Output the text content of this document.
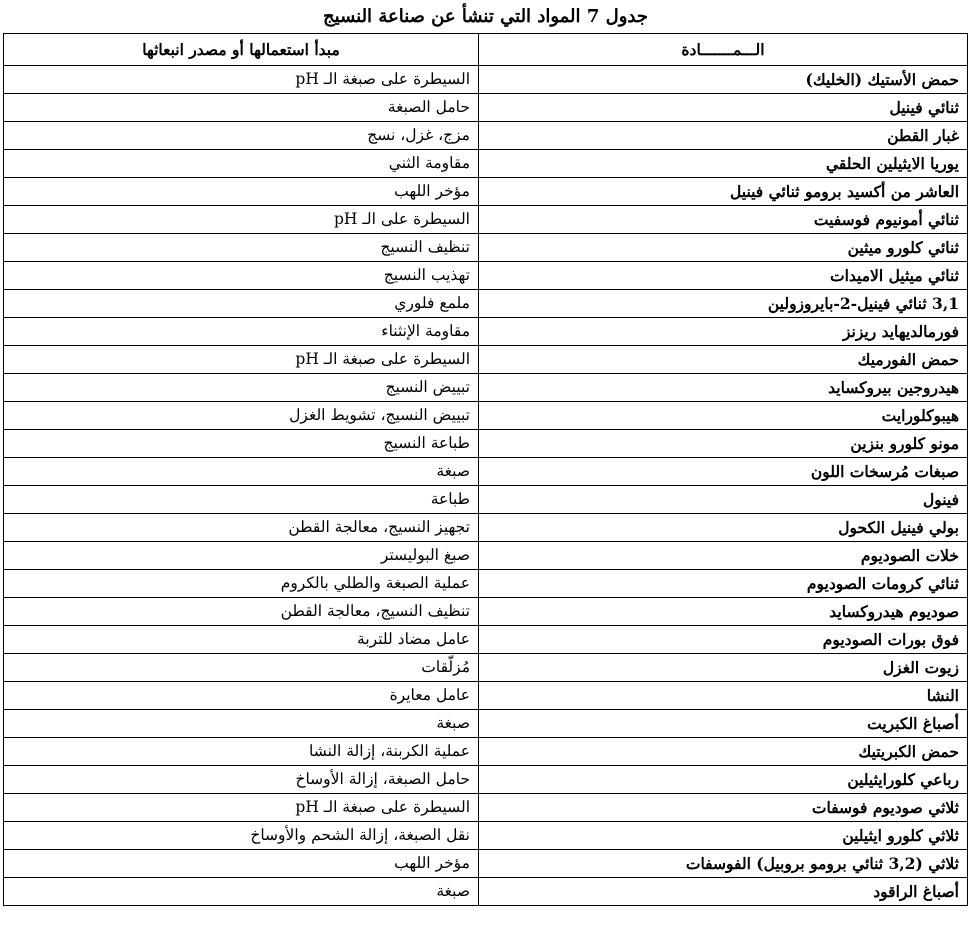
جدول 7 المواد التي تنشأ عن صناعة النسيج
الـــمـــــــادة	مبدأ استعمالها أو مصدر انبعاثها
حمض الأستيك (الخليك)	السيطرة على صبغة الـ pH
ثنائي فينيل	حامل الصبغة
غبار القطن	مزج، غزل، نسج
يوريا الايثيلين الحلقي	مقاومة الثني
العاشر من أكسيد برومو ثنائي فينيل	مؤخر اللهب
ثنائي أمونيوم فوسفيت	السيطرة على الـ pH
ثنائي كلورو ميثين	تنظيف النسيج
ثنائي ميثيل الاميدات	تهذيب النسيج
3,1 ثنائي فينيل-2-بايروزولين	ملمع فلوري
فورمالديهايد ريزنز	مقاومة الإنثناء
حمض الفورميك	السيطرة على صبغة الـ pH
هيدروجين بيروكسايد	تبييض النسيج
هيبوكلورايت	تبييض النسيج، تشويط الغزل
مونو كلورو بنزين	طباعة النسيج
صبغات مُرسخات اللون	صبغة
فينول	طباعة
بولي فينيل الكحول	تجهيز النسيج، معالجة القطن
خلات الصوديوم	صبغ البوليستر
ثنائي كرومات الصوديوم	عملية الصبغة والطلي بالكروم
صوديوم هيدروكسايد	تنظيف النسيج، معالجة القطن
فوق بورات الصوديوم	عامل مضاد للتربة
زيوت الغزل	مُزلّقات
النشا	عامل معايرة
أصباغ الكبريت	صبغة
حمض الكبريتيك	عملية الكربنة، إزالة النشا
رباعي كلورايثيلين	حامل الصبغة، إزالة الأوساخ
ثلاثي صوديوم فوسفات	السيطرة على صبغة الـ pH
ثلاثي كلورو ايثيلين	نقل الصبغة، إزالة الشحم والأوساخ
ثلاثي (3,2 ثنائي برومو بروبيل) الفوسفات	مؤخر اللهب
أصباغ الراقود	صبغة
